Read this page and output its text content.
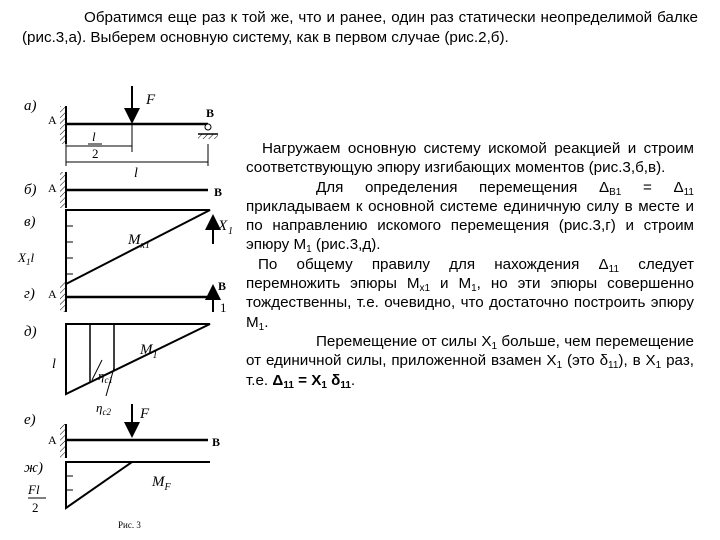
Обратимся еще раз к той же, что и ранее, один раз статически неопределимой балке (рис.3,а). Выберем основную систему, как в первом случае (рис.2,б).

а)
A
F
B
l
2
l
б) A	B
в)
$M_{x1}$
X 1
$X_1l$
г) A
B
1
д)
$M_1$
l
$\eta_{c1}$
$\eta_{c2}$
е)	F
A	B
ж)
$M_F$
Fl
2
Рис. 3

Нагружаем основную систему искомой реакцией и строим соответствующую эпюру изгибающих моментов (рис.3,б,в).

Для определения перемещения $\Delta_{B1} = \Delta_{11}$ прикладываем к основной системе единичную силу в месте и по направлению искомого перемещения (рис.3,г) и строим эпюру $M_1$ (рис.3,д).

По общему правилу для нахождения $\Delta_{11}$ следует перемножить эпюры $M_{x1}$ и $M_1$, но эти эпюры совершенно тождественны, т.е. очевидно, что достаточно построить эпюру $M_1$.

Перемещение от силы $X_1$ больше, чем перемещение от единичной силы, приложенной взамен $X_1$ (это $\delta_{11}$), в $X_1$ раз, т.е. $\Delta_{11} = X_1$ $\delta_{11}$.
